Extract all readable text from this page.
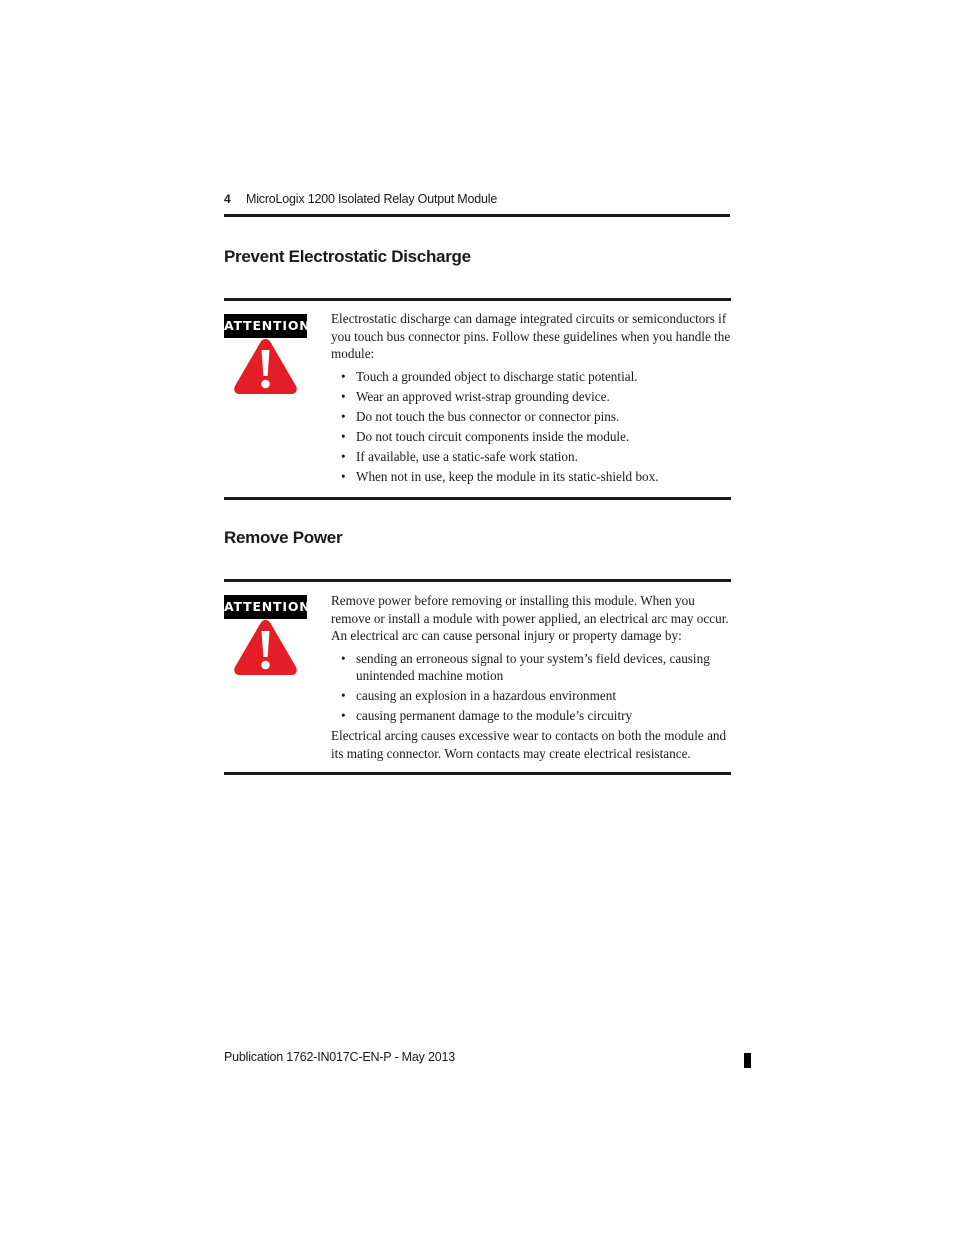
4 MicroLogix 1200 Isolated Relay Output Module
Prevent Electrostatic Discharge
ATTENTION Electrostatic discharge can damage integrated circuits or semiconductors if you touch bus connector pins. Follow these guidelines when you handle the module:

• Touch a grounded object to discharge static potential.
• Wear an approved wrist-strap grounding device.
• Do not touch the bus connector or connector pins.
• Do not touch circuit components inside the module.
• If available, use a static-safe work station.
• When not in use, keep the module in its static-shield box.
Remove Power
ATTENTION Remove power before removing or installing this module. When you remove or install a module with power applied, an electrical arc may occur. An electrical arc can cause personal injury or property damage by:

• sending an erroneous signal to your system’s field devices, causing unintended machine motion
• causing an explosion in a hazardous environment
• causing permanent damage to the module’s circuitry

Electrical arcing causes excessive wear to contacts on both the module and its mating connector. Worn contacts may create electrical resistance.

Publication 1762-IN017C-EN-P - May 2013
